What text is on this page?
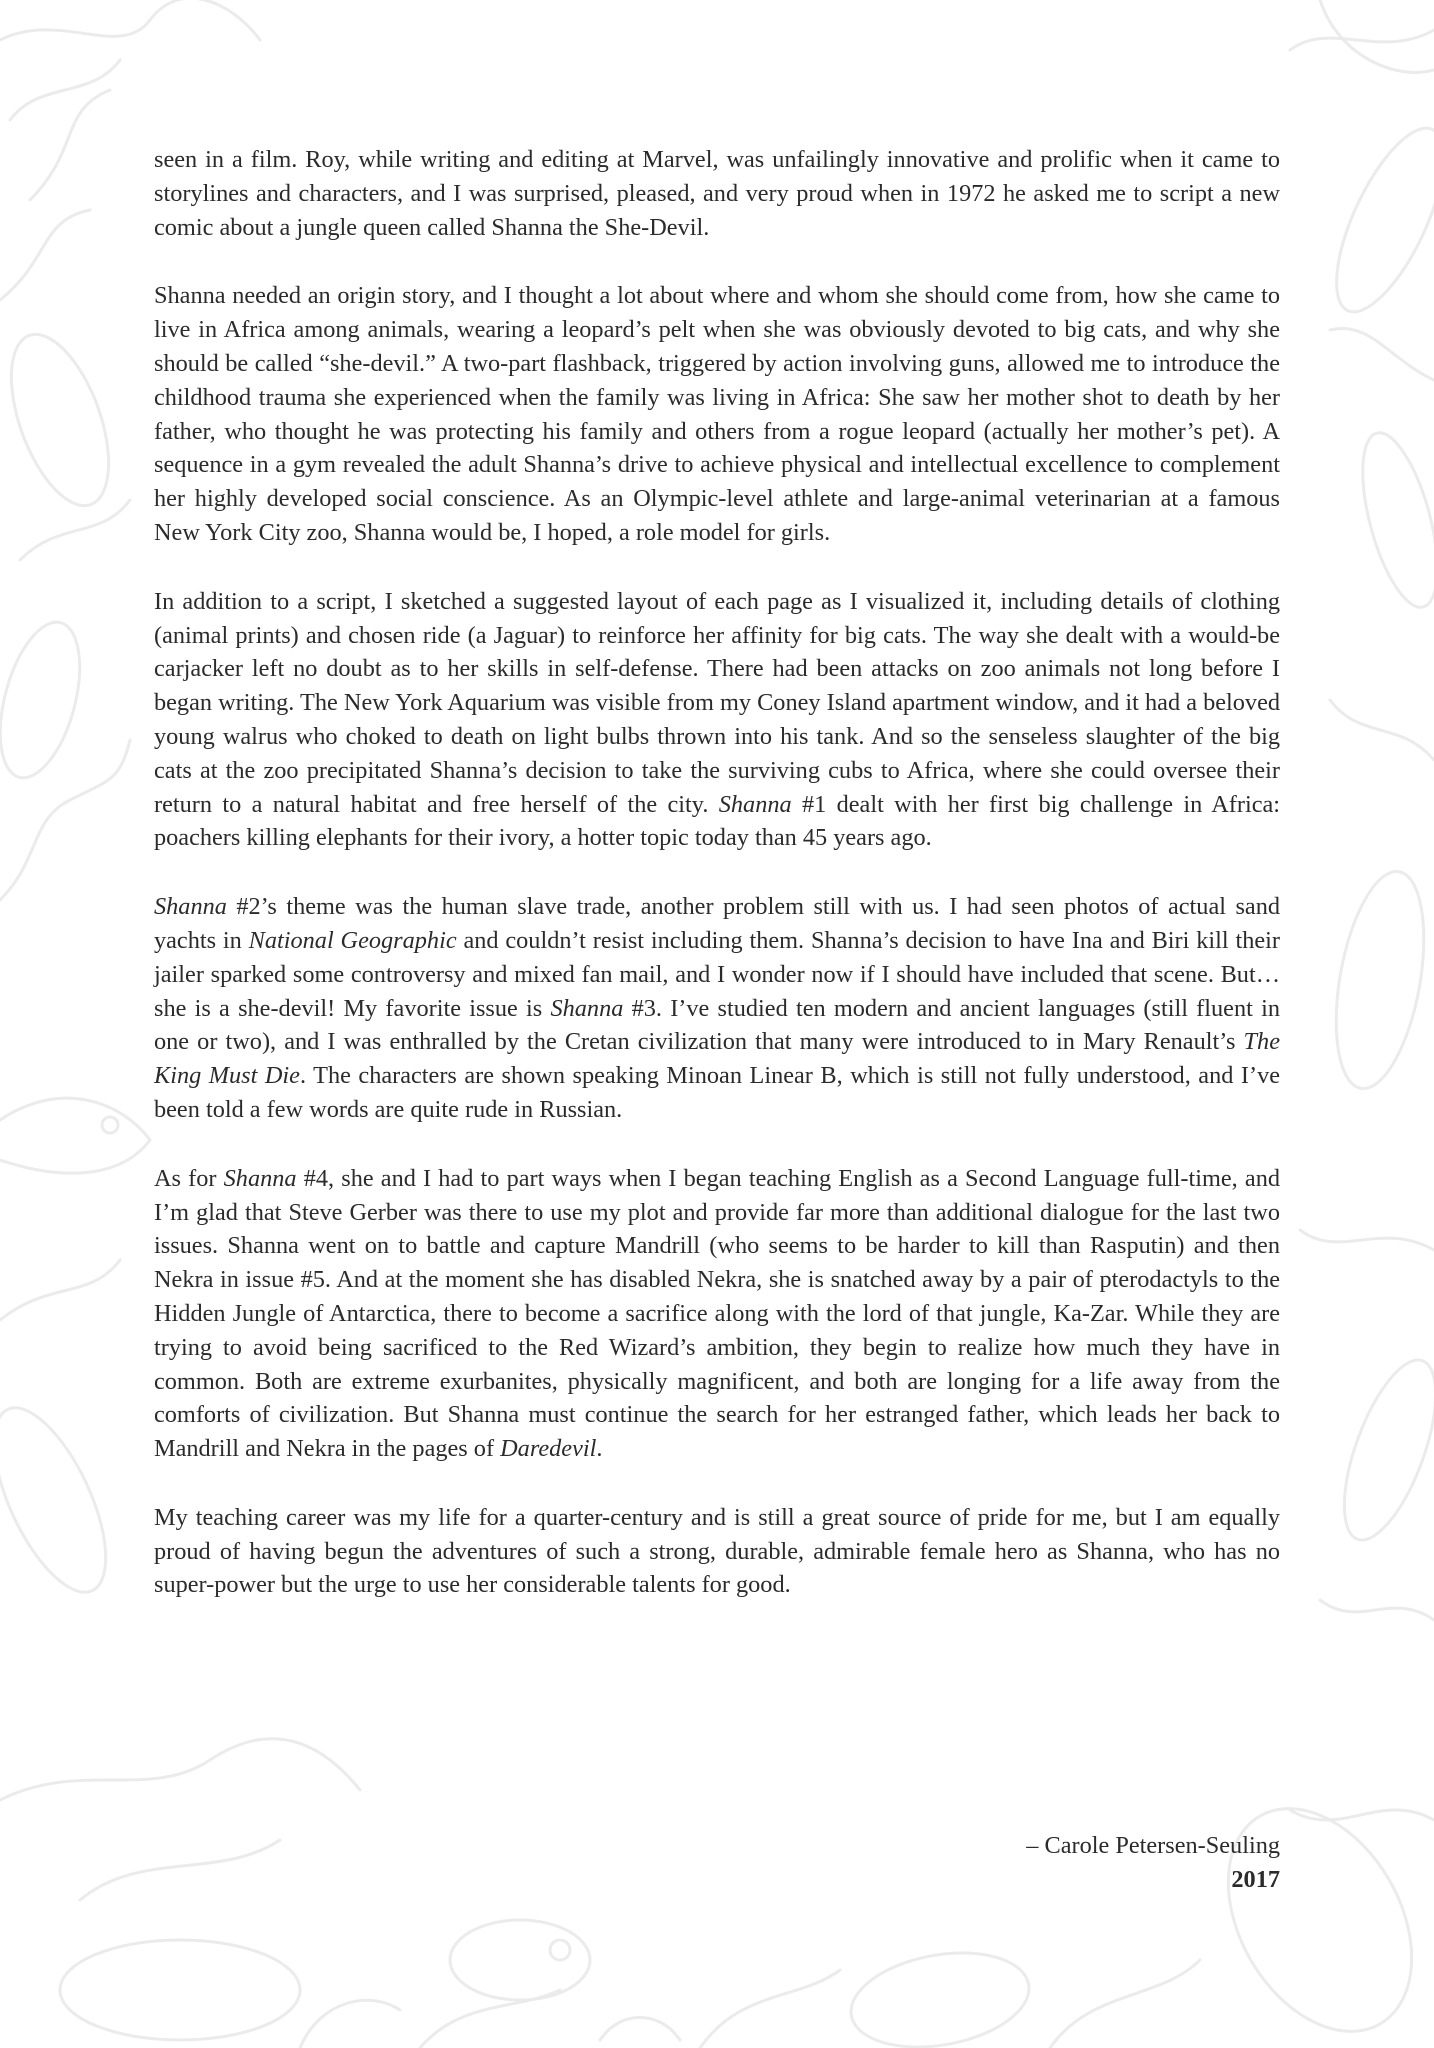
seen in a film. Roy, while writing and editing at Marvel, was unfailingly innovative and prolific when it came to storylines and characters, and I was surprised, pleased, and very proud when in 1972 he asked me to script a new comic about a jungle queen called Shanna the She-Devil.

Shanna needed an origin story, and I thought a lot about where and whom she should come from, how she came to live in Africa among animals, wearing a leopard’s pelt when she was obviously devoted to big cats, and why she should be called “she-devil.” A two-part flashback, triggered by action involving guns, allowed me to introduce the childhood trauma she experienced when the family was living in Africa: She saw her mother shot to death by her father, who thought he was protecting his family and others from a rogue leopard (actually her mother’s pet). A sequence in a gym revealed the adult Shanna’s drive to achieve physical and intellectual excellence to complement her highly developed social conscience. As an Olympic-level athlete and large-animal veterinarian at a famous New York City zoo, Shanna would be, I hoped, a role model for girls.

In addition to a script, I sketched a suggested layout of each page as I visualized it, including details of clothing (animal prints) and chosen ride (a Jaguar) to reinforce her affinity for big cats. The way she dealt with a would-be carjacker left no doubt as to her skills in self-defense. There had been attacks on zoo animals not long before I began writing. The New York Aquarium was visible from my Coney Island apartment window, and it had a beloved young walrus who choked to death on light bulbs thrown into his tank. And so the senseless slaughter of the big cats at the zoo precipitated Shanna’s decision to take the surviving cubs to Africa, where she could oversee their return to a natural habitat and free herself of the city. Shanna #1 dealt with her first big challenge in Africa: poachers killing elephants for their ivory, a hotter topic today than 45 years ago.

Shanna #2’s theme was the human slave trade, another problem still with us. I had seen photos of actual sand yachts in National Geographic and couldn’t resist including them. Shanna’s decision to have Ina and Biri kill their jailer sparked some controversy and mixed fan mail, and I wonder now if I should have included that scene. But…she is a she-devil! My favorite issue is Shanna #3. I’ve studied ten modern and ancient languages (still fluent in one or two), and I was enthralled by the Cretan civilization that many were introduced to in Mary Renault’s The King Must Die. The characters are shown speaking Minoan Linear B, which is still not fully understood, and I’ve been told a few words are quite rude in Russian.

As for Shanna #4, she and I had to part ways when I began teaching English as a Second Language full-time, and I’m glad that Steve Gerber was there to use my plot and provide far more than additional dialogue for the last two issues. Shanna went on to battle and capture Mandrill (who seems to be harder to kill than Rasputin) and then Nekra in issue #5. And at the moment she has disabled Nekra, she is snatched away by a pair of pterodactyls to the Hidden Jungle of Antarctica, there to become a sacrifice along with the lord of that jungle, Ka-Zar. While they are trying to avoid being sacrificed to the Red Wizard’s ambition, they begin to realize how much they have in common. Both are extreme exurbanites, physically magnificent, and both are longing for a life away from the comforts of civilization. But Shanna must continue the search for her estranged father, which leads her back to Mandrill and Nekra in the pages of Daredevil.

My teaching career was my life for a quarter-century and is still a great source of pride for me, but I am equally proud of having begun the adventures of such a strong, durable, admirable female hero as Shanna, who has no super-power but the urge to use her considerable talents for good.

– Carole Petersen-Seuling
2017
